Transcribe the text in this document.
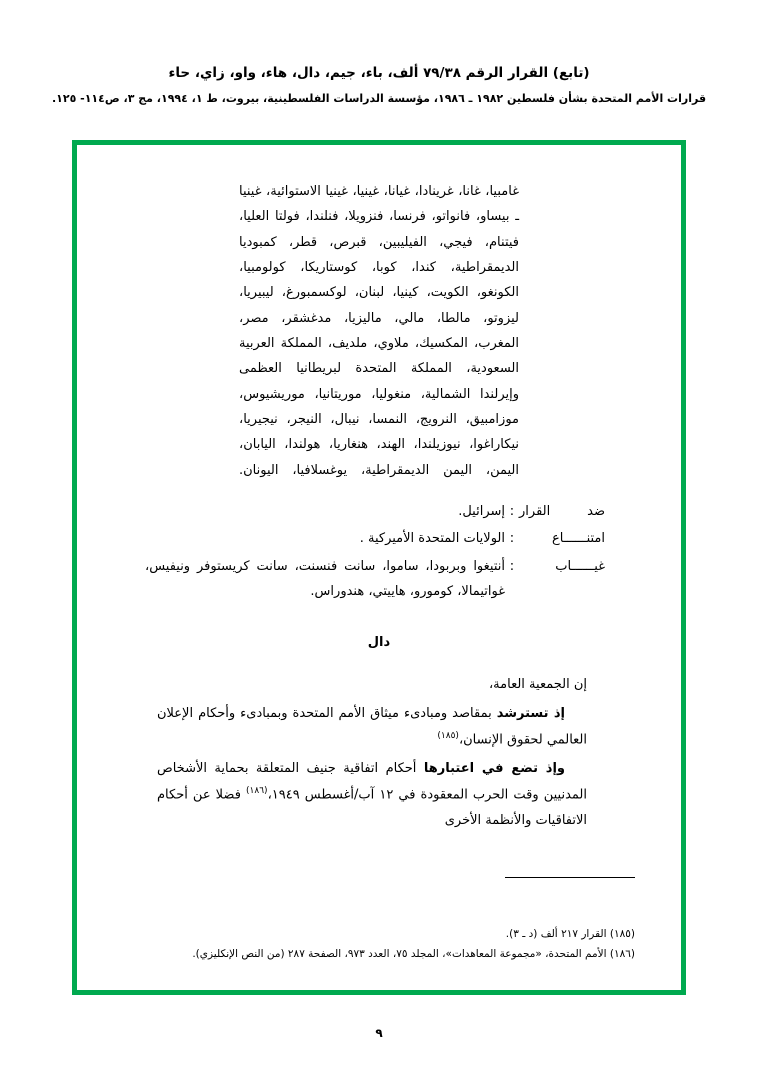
(تابع) القرار الرقم ٧٩/٣٨ ألف، باء، جيم، دال، هاء، واو، زاي، حاء
قرارات الأمم المتحدة بشأن فلسطين ١٩٨٢ ـ ١٩٨٦، مؤسسة الدراسات الفلسطينية، بيروت، ط ١، ١٩٩٤، مج ٣، ص١١٤- ١٢٥.
غامبيا، غانا، غرينادا، غيانا، غينيا، غينيا الاستوائية، غينيا ـ بيساو، فانواتو، فرنسا، فنزويلا، فنلندا، فولتا العليا، فيتنام، فيجي، الفيليبين، قبرص، قطر، كمبوديا الديمقراطية، كندا، كوبا، كوستاريكا، كولومبيا، الكونغو، الكويت، كينيا، لبنان، لوكسمبورغ، ليبيريا، ليزوتو، مالطا، مالي، ماليزيا، مدغشقر، مصر، المغرب، المكسيك، ملاوي، ملديف، المملكة العربية السعودية، المملكة المتحدة لبريطانيا العظمى وإيرلندا الشمالية، منغوليا، موريتانيا، موريشيوس، موزامبيق، النرويج، النمسا، نيبال، النيجر، نيجيريا، نيكاراغوا، نيوزيلندا، الهند، هنغاريا، هولندا، اليابان، اليمن، اليمن الديمقراطية، يوغسلافيا، اليونان.
ضد القرار
:
إسرائيل.
امتنــــــاع
:
الولايات المتحدة الأميركية .
غيــــــاب
:
أنتيغوا وبربودا، ساموا، سانت فنسنت، سانت كريستوفر ونيفيس، غواتيمالا، كومورو، هاييتي، هندوراس.
دال
إن الجمعية العامة،
إذ تسترشد بمقاصد ومبادىء ميثاق الأمم المتحدة وبمبادىء وأحكام الإعلان العالمي لحقوق الإنسان،$^{(١٨٥)}$
وإذ تضع في اعتبارها أحكام اتفاقية جنيف المتعلقة بحماية الأشخاص المدنيين وقت الحرب المعقودة في ١٢ آب/أغسطس ١٩٤٩،$^{(١٨٦)}$ فضلا عن أحكام الاتفاقيات والأنظمة الأخرى
(١٨٥) القرار ٢١٧ ألف (د ـ ٣).
(١٨٦) الأمم المتحدة، «مجموعة المعاهدات»، المجلد ٧٥، العدد ٩٧٣، الصفحة ٢٨٧ (من النص الإنكليزي).
٩
